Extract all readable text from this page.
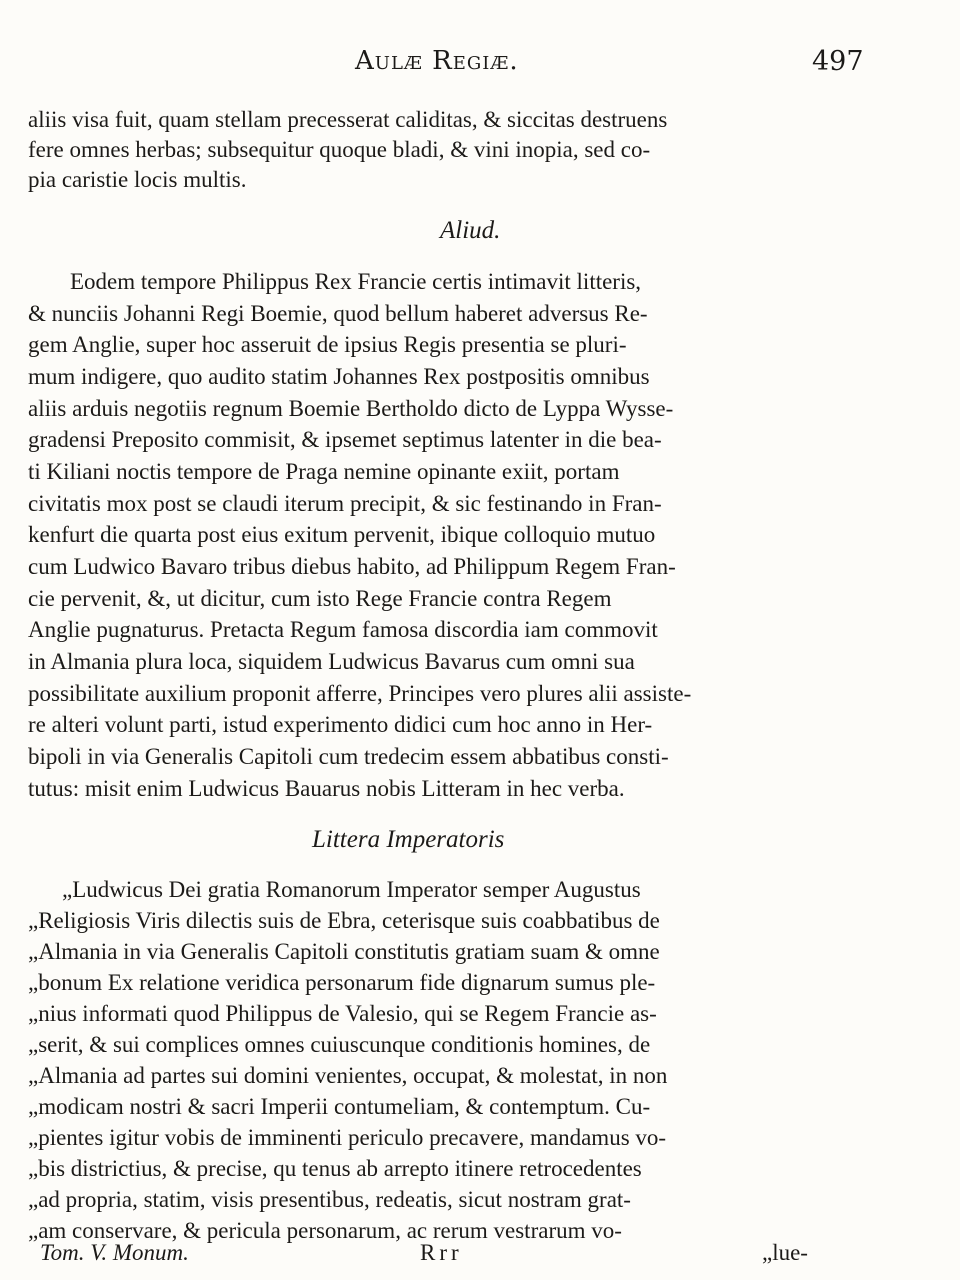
Aulæ Regiæ.	497
aliis visa fuit, quam stellam precesserat caliditas, & siccitas destruens
fere omnes herbas; subsequitur quoque bladi, & vini inopia, sed co-
pia caristie locis multis.
Aliud.
Eodem tempore Philippus Rex Francie certis intimavit litteris,
& nunciis Johanni Regi Boemie, quod bellum haberet adversus Re-
gem Anglie, super hoc asseruit de ipsius Regis presentia se pluri-
mum indigere, quo audito statim Johannes Rex postpositis omnibus
aliis arduis negotiis regnum Boemie Bertholdo dicto de Lyppa Wysse-
gradensi Preposito commisit, & ipsemet septimus latenter in die bea-
ti Kiliani noctis tempore de Praga nemine opinante exiit, portam
civitatis mox post se claudi iterum precipit, & sic festinando in Fran-
kenfurt die quarta post eius exitum pervenit, ibique colloquio mutuo
cum Ludwico Bavaro tribus diebus habito, ad Philippum Regem Fran-
cie pervenit, &, ut dicitur, cum isto Rege Francie contra Regem
Anglie pugnaturus. Pretacta Regum famosa discordia iam commovit
in Almania plura loca, siquidem Ludwicus Bavarus cum omni sua
possibilitate auxilium proponit afferre, Principes vero plures alii assiste-
re alteri volunt parti, istud experimento didici cum hoc anno in Her-
bipoli in via Generalis Capitoli cum tredecim essem abbatibus consti-
tutus: misit enim Ludwicus Bauarus nobis Litteram in hec verba.
Littera Imperatoris
„Ludwicus Dei gratia Romanorum Imperator semper Augustus
„Religiosis Viris dilectis suis de Ebra, ceterisque suis coabbatibus de
„Almania in via Generalis Capitoli constitutis gratiam suam & omne
„bonum Ex relatione veridica personarum fide dignarum sumus ple-
„nius informati quod Philippus de Valesio, qui se Regem Francie as-
„serit, & sui complices omnes cuiuscunque conditionis homines, de
„Almania ad partes sui domini venientes, occupat, & molestat, in non
„modicam nostri & sacri Imperii contumeliam, & contemptum. Cu-
„pientes igitur vobis de imminenti periculo precavere, mandamus vo-
„bis districtius, & precise, qu tenus ab arrepto itinere retrocedentes
„ad propria, statim, visis presentibus, redeatis, sicut nostram grat-
„am conservare, & pericula personarum, ac rerum vestrarum vo-
Tom. V. Monum.	Rrr	„lue-
